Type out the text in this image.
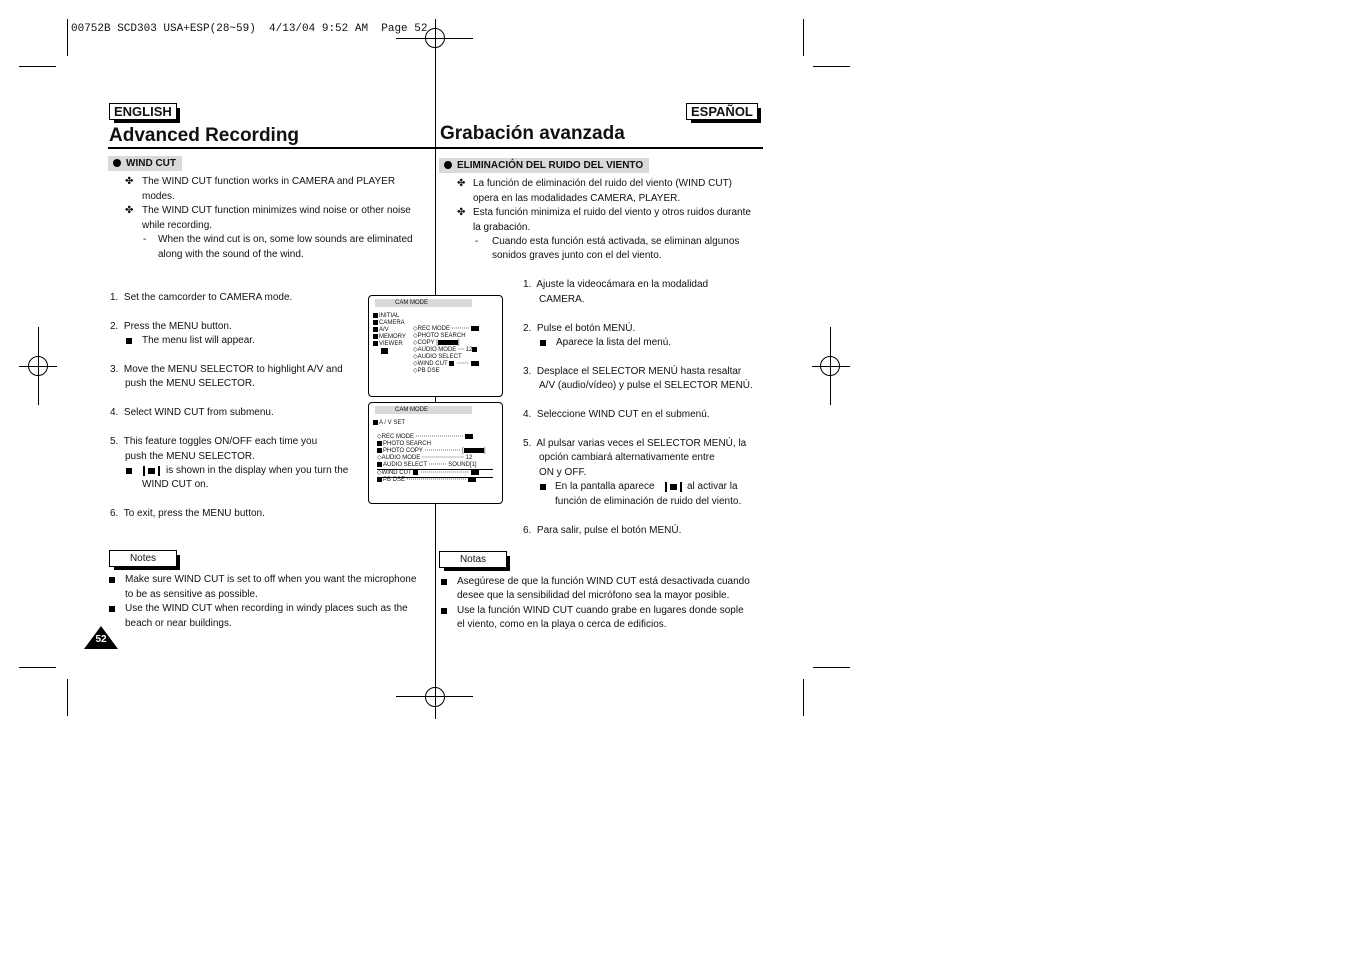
00752B SCD303 USA+ESP(28~59)  4/13/04 9:52 AM  Page 52
ENGLISH
Advanced Recording
WIND CUT
✤ The WIND CUT function works in CAMERA and PLAYER
modes.
✤ The WIND CUT function minimizes wind noise or other noise
while recording.
- When the wind cut is on, some low sounds are eliminated
along with the sound of the wind.
1.  Set the camcorder to CAMERA mode.
2.  Press the MENU button.
The menu list will appear.
3.  Move the MENU SELECTOR to highlight A/V and
push the MENU SELECTOR.
4.  Select WIND CUT from submenu.
5.  This feature toggles ON/OFF each time you
push the MENU SELECTOR.
is shown in the display when you turn the
WIND CUT on.
6.  To exit, press the MENU button.
CAM MODE
INITIAL
CAMERA
A/V
MEMORY
VIEWER
◇REC MODE ⋯⋯⋯
◇PHOTO SEARCH
◇COPY [	]
◇AUDIO MODE ⋯ 12
◇AUDIO SELECT
◇WIND CUT  ⋯⋯
◇PB DSE
CAM MODE
A / V SET
◇REC MODE ⋯⋯⋯⋯⋯⋯⋯⋯
PHOTO SEARCH
PHOTO COPY ⋯⋯⋯⋯⋯⋯ [	]
◇AUDIO MODE ⋯⋯⋯⋯⋯⋯⋯ 12
AUDIO SELECT ⋯⋯⋯ SOUND[1]
◇WIND CUT  ⋯⋯⋯⋯⋯⋯⋯⋯
PB DSE ⋯⋯⋯⋯⋯⋯⋯⋯⋯⋯
Notes
Make sure WIND CUT is set to off when you want the microphone
to be as sensitive as possible.
Use the WIND CUT when recording in windy places such as the
beach or near buildings.
52
ESPAÑOL
Grabación avanzada
ELIMINACIÓN DEL RUIDO DEL VIENTO
✤ La función de eliminación del ruido del viento (WIND CUT)
opera en las modalidades CAMERA, PLAYER.
✤ Esta función minimiza el ruido del viento y otros ruidos durante
la grabación.
- Cuando esta función está activada, se eliminan algunos
sonidos graves junto con el del viento.
1.  Ajuste la videocámara en la modalidad
CAMERA.
2.  Pulse el botón MENÚ.
Aparece la lista del menú.
3.  Desplace el SELECTOR MENÚ hasta resaltar
A/V (audio/vídeo) y pulse el SELECTOR MENÚ.
4.  Seleccione WIND CUT en el submenú.
5.  Al pulsar varias veces el SELECTOR MENÚ, la
opción cambiará alternativamente entre
ON y OFF.
En la pantalla aparece	al activar la
función de eliminación de ruido del viento.
6.  Para salir, pulse el botón MENÚ.
Notas
Asegúrese de que la función WIND CUT está desactivada cuando
desee que la sensibilidad del micrófono sea la mayor posible.
Use la función WIND CUT cuando grabe en lugares donde sople
el viento, como en la playa o cerca de edificios.
